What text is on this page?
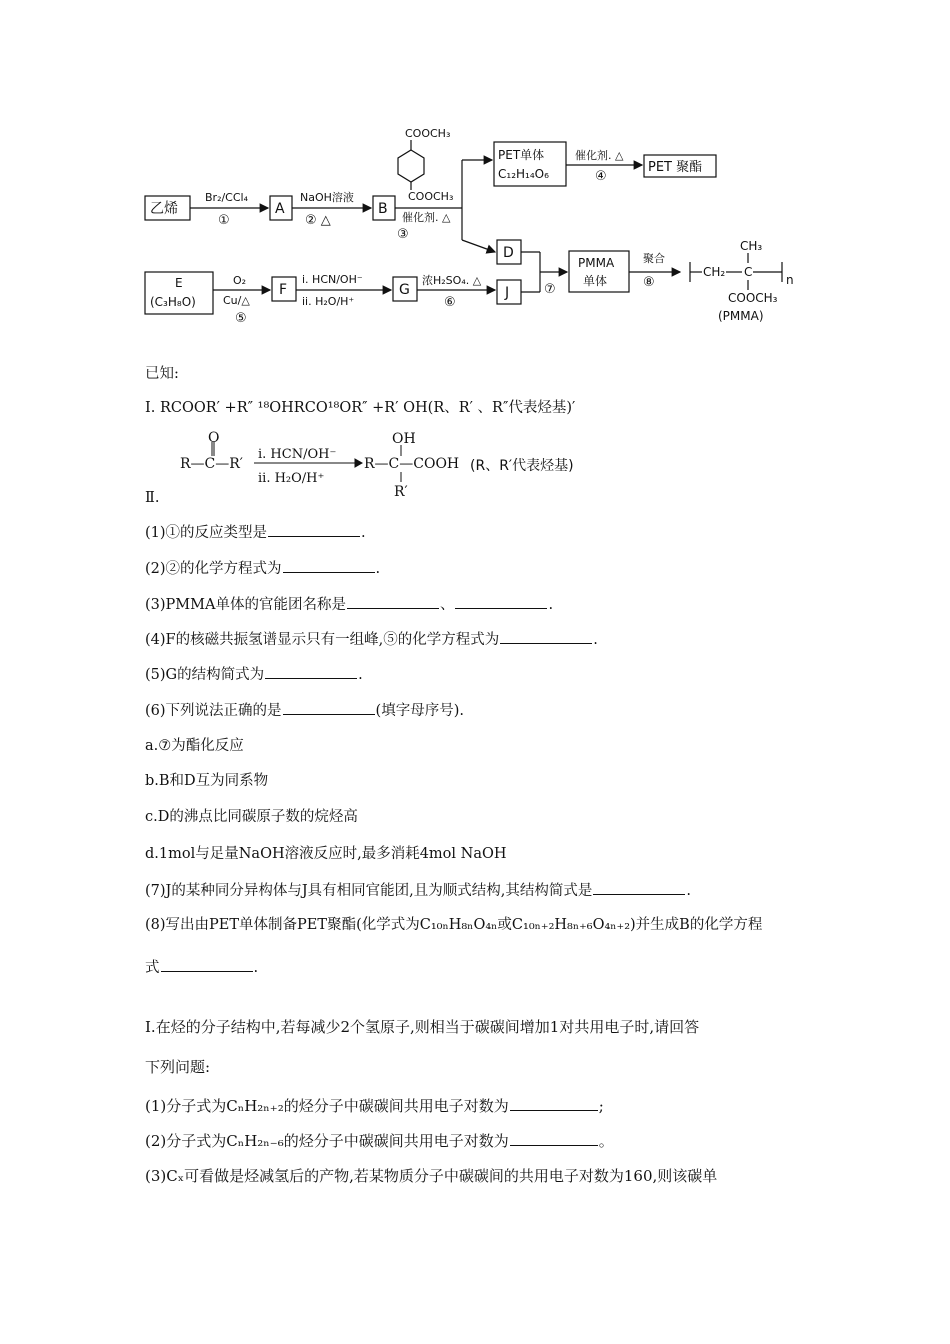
乙烯
Br₂/CCl₄
①
A
NaOH溶液
② △
B
COOCH₃
COOCH₃
催化剂. △
③
PET单体
C₁₂H₁₄O₆
催化剂. △
④
PET 聚酯
D
E
(C₃H₈O)
O₂
Cu/△
⑤
F
i. HCN/OH⁻
ii. H₂O/H⁺
G
浓H₂SO₄. △
⑥
J	⑦
PMMA
单体
聚合
⑧
CH₃
CH₂ C
n
COOCH₃
(PMMA)
已知:
Ⅰ. RCOOR′ +R″ ¹⁸OHRCO¹⁸OR″ +R′ OH(R、R′ 、R″代表烃基)′
O
R—C—R′
i. HCN/OH⁻
ii. H₂O/H⁺
OH
R—C—COOH
R′
(R、R′代表烃基)
Ⅱ.
(1)①的反应类型是	.
(2)②的化学方程式为	.
(3)PMMA单体的官能团名称是	、	.
(4)F的核磁共振氢谱显示只有一组峰,⑤的化学方程式为	.
(5)G的结构简式为	.
(6)下列说法正确的是	(填字母序号).
a.⑦为酯化反应
b.B和D互为同系物
c.D的沸点比同碳原子数的烷烃高
d.1mol与足量NaOH溶液反应时,最多消耗4mol NaOH
(7)J的某种同分异构体与J具有相同官能团,且为顺式结构,其结构简式是	.
(8)写出由PET单体制备PET聚酯(化学式为C₁₀ₙH₈ₙO₄ₙ或C₁₀ₙ₊₂H₈ₙ₊₆O₄ₙ₊₂)并生成B的化学方程
式	.
Ⅰ.在烃的分子结构中,若每减少2个氢原子,则相当于碳碳间增加1对共用电子时,请回答
下列问题:
(1)分子式为CₙH₂ₙ₊₂的烃分子中碳碳间共用电子对数为	;
(2)分子式为CₙH₂ₙ₋₆的烃分子中碳碳间共用电子对数为	。
(3)Cₓ可看做是烃减氢后的产物,若某物质分子中碳碳间的共用电子对数为160,则该碳单
